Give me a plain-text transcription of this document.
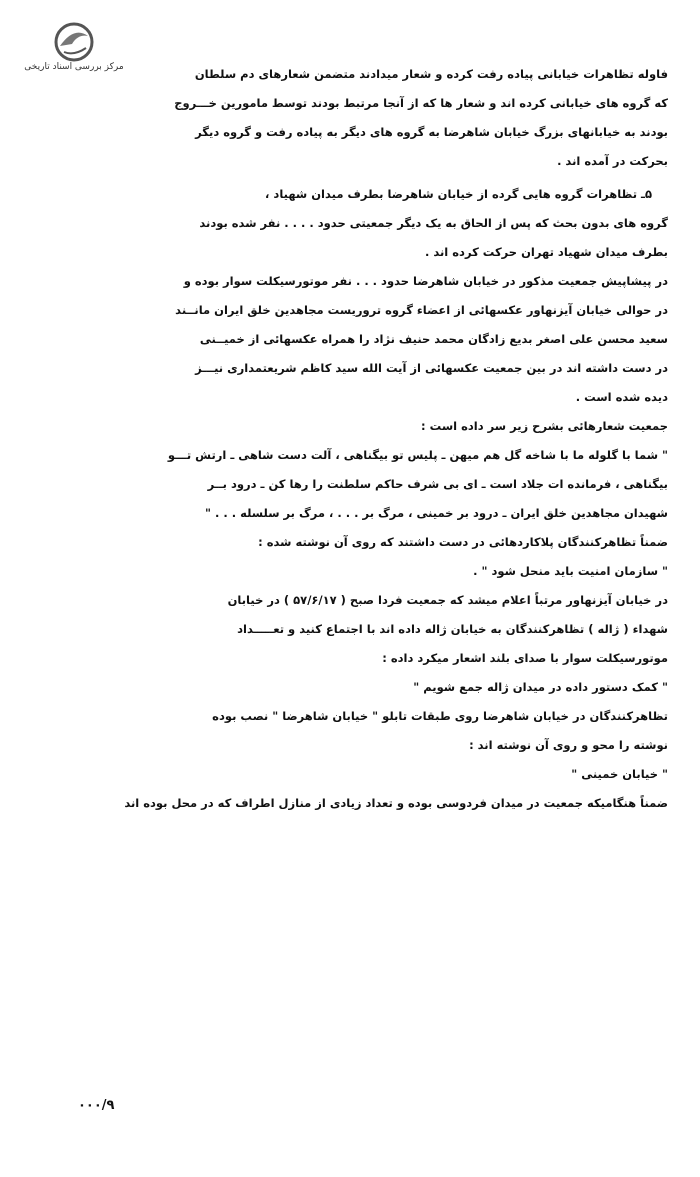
مرکز بررسی اسناد تاریخی	فاوله تظاهرات خیابانی پیاده رفت کرده و شعار میدادند متضمن شعارهای دم سلطان
که گروه های خیابانی کرده اند و شعار ها که از آنجا مرتبط بودند توسط مامورین خـــروج
بودند به خیابانهای بزرگ خیابان شاهرضا به گروه های دیگر به پیاده رفت و گروه دیگر
بحرکت در آمده اند .
۵ـ تظاهرات گروه هایی گرده از خیابان شاهرضا بطرف میدان شهیاد ،
گروه های بدون بحث که پس از الحاق به یک دیگر جمعیتی حدود . . . . نفر شده بودند
بطرف میدان شهیاد تهران حرکت کرده اند .
در پیشاپیش جمعیت مذکور در خیابان شاهرضا حدود . . . نفر موتورسیکلت سوار بوده و
در حوالی خیابان آیزنهاور عکسهائی از اعضاء گروه تروریست مجاهدین خلق ایران مانــند
سعید محسن علی اصغر بدیع زادگان محمد حنیف نژاد را همراه عکسهائی از خمیــنی
در دست داشته اند در بین جمعیت عکسهائی از آیت الله سید کاظم شریعتمداری نیـــز
دیده شده است .
جمعیت شعارهائی بشرح زیر سر داده است :
" شما با گلوله ما با شاخه گل هم میهن ـ پلیس تو بیگناهی ، آلت دست شاهی ـ ارتش تـــو
بیگناهی ، فرمانده ات جلاد است ـ ای بی شرف حاکم سلطنت را رها کن ـ درود بــر
شهیدان مجاهدین خلق ایران ـ درود بر خمینی ، مرگ بر . . . ، مرگ بر سلسله . . . "
ضمناً تظاهرکنندگان پلاکاردهائی در دست داشتند که روی آن نوشته شده :
" سازمان امنیت باید منحل شود " .
در خیابان آیزنهاور مرتباً اعلام میشد که جمعیت فردا صبح ( ۵۷/۶/۱۷ ) در خیابان
شهداء ( ژاله ) تظاهرکنندگان به خیابان ژاله داده اند با اجتماع کنید و تعـــــداد
موتورسیکلت سوار با صدای بلند اشعار میکرد داده :
" کمک دستور داده در میدان ژاله جمع شویم "
تظاهرکنندگان در خیابان شاهرضا روی طبقات تابلو " خیابان شاهرضا " نصب بوده
نوشته را محو و روی آن نوشته اند :
" خیابان خمینی "
ضمناً هنگامیکه جمعیت در میدان فردوسی بوده و تعداد زیادی از منازل اطراف که در محل بوده اند
۰۰۰/۹
